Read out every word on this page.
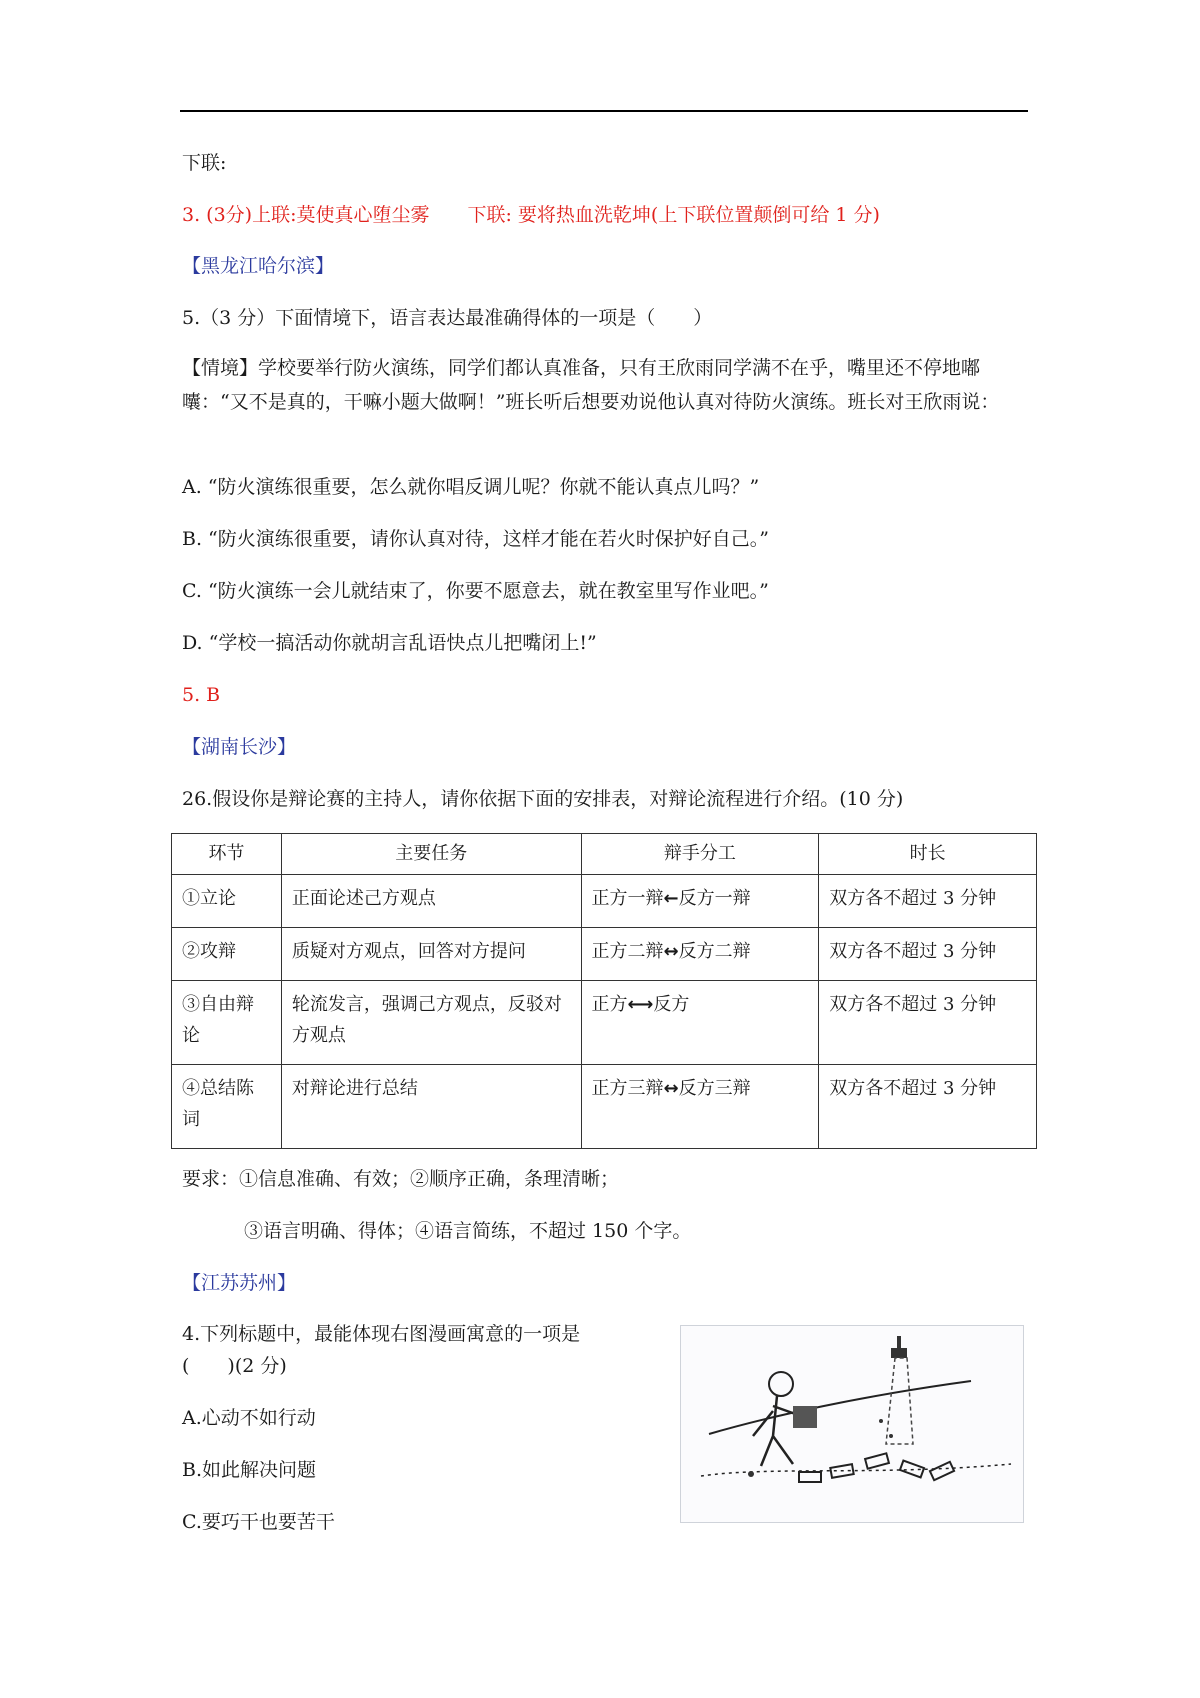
下联:
3. (3分)上联:莫使真心堕尘雾　　下联: 要将热血洗乾坤(上下联位置颠倒可给 1 分)
【黑龙江哈尔滨】
5.（3 分）下面情境下，语言表达最准确得体的一项是（　　）
【情境】学校要举行防火演练，同学们都认真准备，只有王欣雨同学满不在乎，嘴里还不停地嘟囔：“又不是真的，干嘛小题大做啊！”班长听后想要劝说他认真对待防火演练。班长对王欣雨说：
A. “防火演练很重要，怎么就你唱反调儿呢？你就不能认真点儿吗？”
B. “防火演练很重要，请你认真对待，这样才能在若火时保护好自己。”
C. “防火演练一会儿就结束了，你要不愿意去，就在教室里写作业吧。”
D. “学校一搞活动你就胡言乱语快点儿把嘴闭上!”
5. B
【湖南长沙】
26.假设你是辩论赛的主持人，请你依据下面的安排表，对辩论流程进行介绍。(10 分)
环节	主要任务	辩手分工	时长
①立论	正面论述己方观点	正方一辩←反方一辩	双方各不超过 3 分钟
②攻辩	质疑对方观点，回答对方提问	正方二辩↔反方二辩	双方各不超过 3 分钟
③自由辩论	轮流发言，强调己方观点，反驳对方观点	正方⟷反方	双方各不超过 3 分钟
④总结陈词	对辩论进行总结	正方三辩↔反方三辩	双方各不超过 3 分钟
要求：①信息准确、有效；②顺序正确，条理清晰；
③语言明确、得体；④语言简练，不超过 150 个字。
【江苏苏州】
4.下列标题中，最能体现右图漫画寓意的一项是
(　　)(2 分)
A.心动不如行动
B.如此解决问题
C.要巧干也要苦干
